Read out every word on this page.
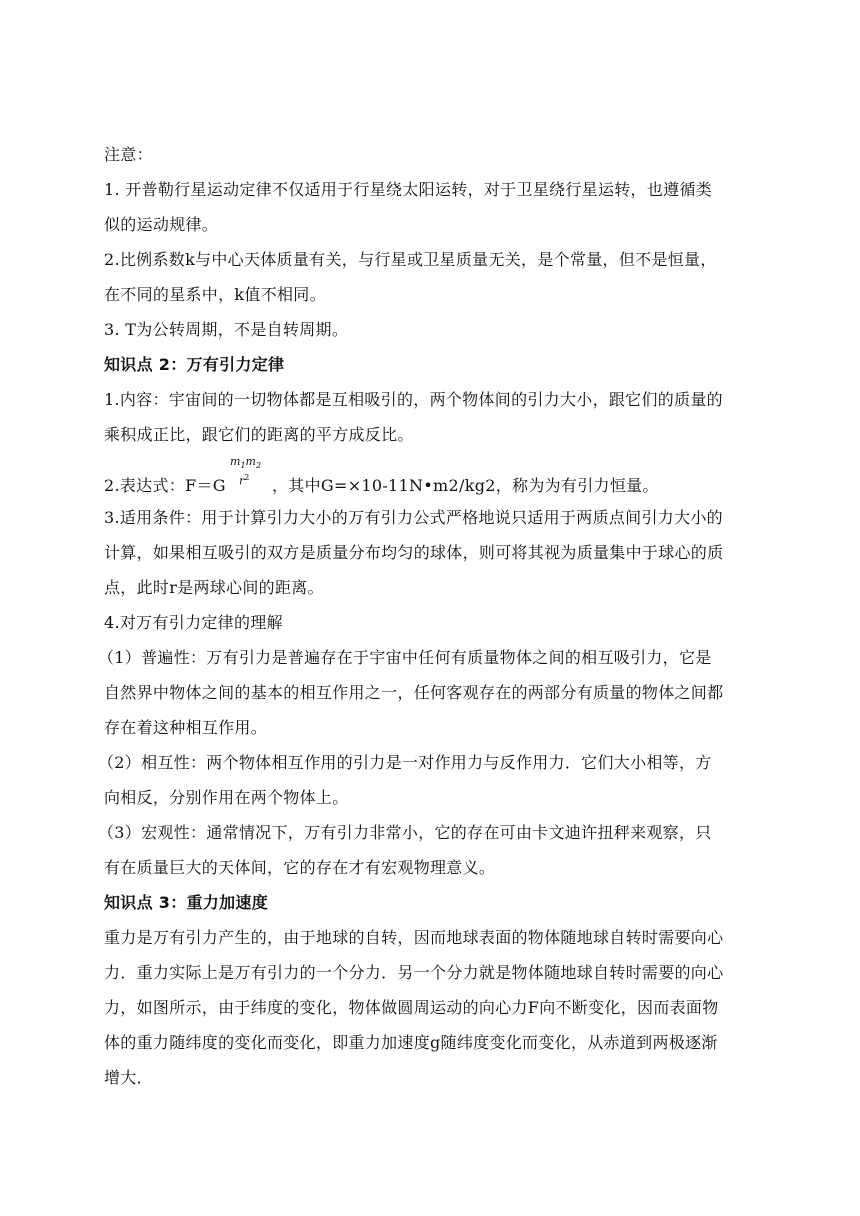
注意：
1. 开普勒行星运动定律不仅适用于行星绕太阳运转，对于卫星绕行星运转，也遵循类
似的运动规律。
2.比例系数k与中心天体质量有关，与行星或卫星质量无关，是个常量，但不是恒量，
在不同的星系中，k值不相同。
3. T为公转周期，不是自转周期。
知识点 2：万有引力定律
1.内容：宇宙间的一切物体都是互相吸引的，两个物体间的引力大小，跟它们的质量的
乘积成正比，跟它们的距离的平方成反比。
2.表达式：F＝G
$m_1m_2$
$r^2$ ，其中G=×10-11N•m2/kg2，称为为有引力恒量。
3.适用条件：用于计算引力大小的万有引力公式严格地说只适用于两质点间引力大小的
计算，如果相互吸引的双方是质量分布均匀的球体，则可将其视为质量集中于球心的质
点，此时r是两球心间的距离。
4.对万有引力定律的理解
（1）普遍性：万有引力是普遍存在于宇宙中任何有质量物体之间的相互吸引力，它是
自然界中物体之间的基本的相互作用之一，任何客观存在的两部分有质量的物体之间都
存在着这种相互作用。
（2）相互性：两个物体相互作用的引力是一对作用力与反作用力．它们大小相等，方
向相反，分别作用在两个物体上。
（3）宏观性：通常情况下，万有引力非常小，它的存在可由卡文迪许扭秤来观察，只
有在质量巨大的天体间，它的存在才有宏观物理意义。
知识点 3：重力加速度
重力是万有引力产生的，由于地球的自转，因而地球表面的物体随地球自转时需要向心
力．重力实际上是万有引力的一个分力．另一个分力就是物体随地球自转时需要的向心
力，如图所示，由于纬度的变化，物体做圆周运动的向心力F向不断变化，因而表面物
体的重力随纬度的变化而变化，即重力加速度g随纬度变化而变化，从赤道到两极逐渐
增大．
